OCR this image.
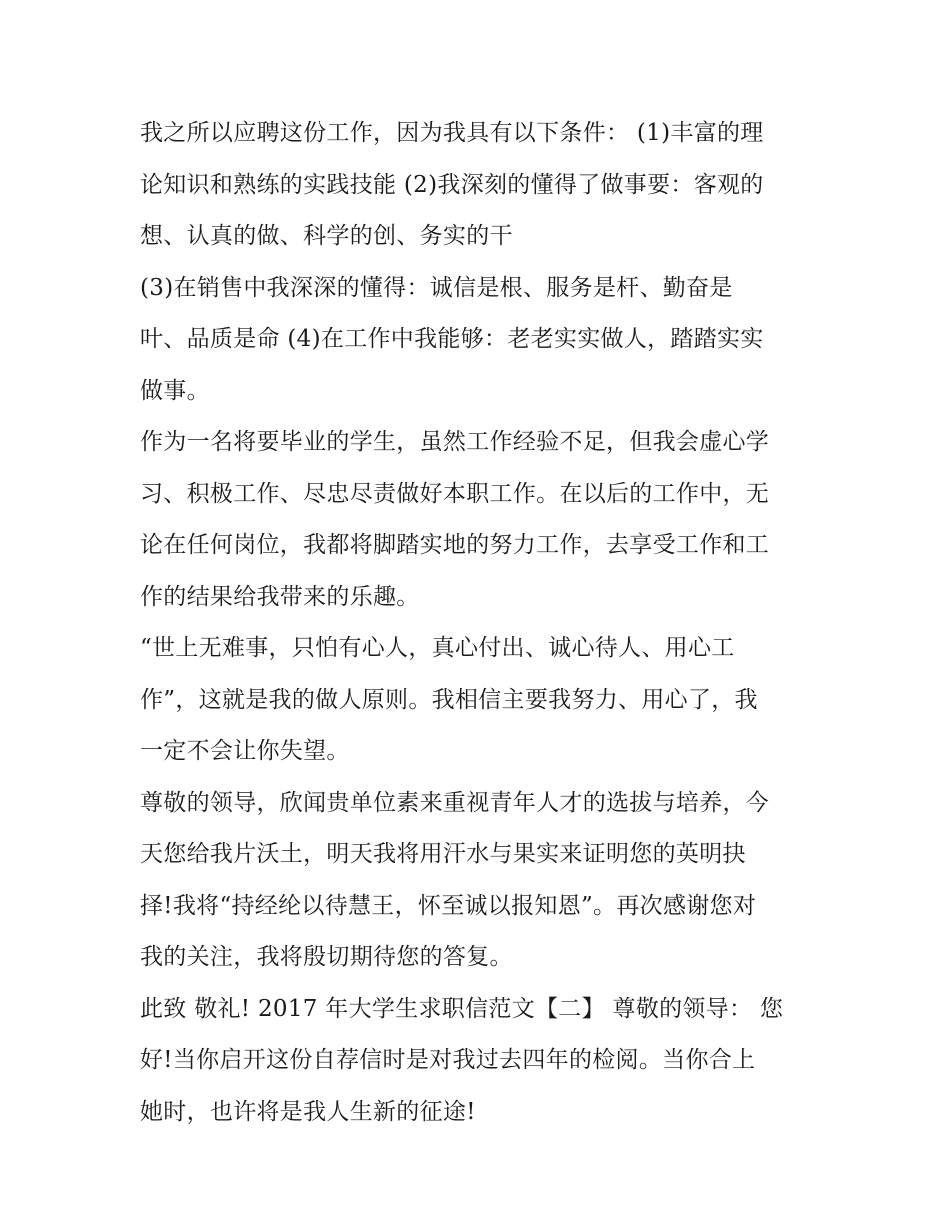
我之所以应聘这份工作，因为我具有以下条件： (1)丰富的理
论知识和熟练的实践技能 (2)我深刻的懂得了做事要：客观的
想、认真的做、科学的创、务实的干
(3)在销售中我深深的懂得：诚信是根、服务是杆、勤奋是
叶、品质是命 (4)在工作中我能够：老老实实做人，踏踏实实
做事。
作为一名将要毕业的学生，虽然工作经验不足，但我会虚心学
习、积极工作、尽忠尽责做好本职工作。在以后的工作中，无
论在任何岗位，我都将脚踏实地的努力工作，去享受工作和工
作的结果给我带来的乐趣。
“世上无难事，只怕有心人，真心付出、诚心待人、用心工
作”，这就是我的做人原则。我相信主要我努力、用心了，我
一定不会让你失望。
尊敬的领导，欣闻贵单位素来重视青年人才的选拔与培养，今
天您给我片沃土，明天我将用汗水与果实来证明您的英明抉
择!我将“持经纶以待慧王，怀至诚以报知恩”。再次感谢您对
我的关注，我将殷切期待您的答复。
此致 敬礼! 2017 年大学生求职信范文【二】 尊敬的领导： 您
好!当你启开这份自荐信时是对我过去四年的检阅。当你合上
她时，也许将是我人生新的征途!
